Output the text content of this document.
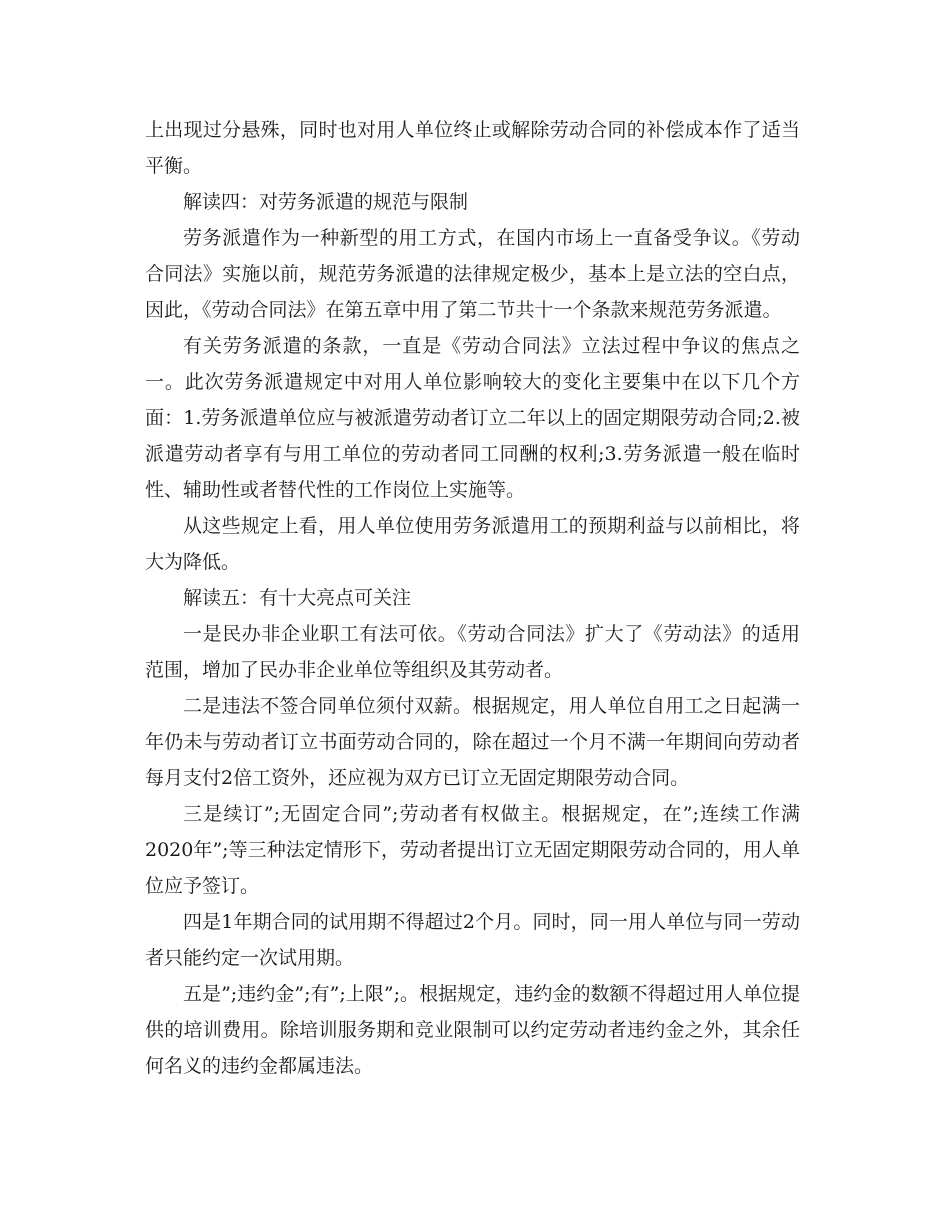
上出现过分悬殊，同时也对用人单位终止或解除劳动合同的补偿成本作了适当平衡。

解读四：对劳务派遣的规范与限制

劳务派遣作为一种新型的用工方式，在国内市场上一直备受争议。《劳动合同法》实施以前，规范劳务派遣的法律规定极少，基本上是立法的空白点，因此，《劳动合同法》在第五章中用了第二节共十一个条款来规范劳务派遣。

有关劳务派遣的条款，一直是《劳动合同法》立法过程中争议的焦点之一。此次劳务派遣规定中对用人单位影响较大的变化主要集中在以下几个方面：1.劳务派遣单位应与被派遣劳动者订立二年以上的固定期限劳动合同;2.被派遣劳动者享有与用工单位的劳动者同工同酬的权利;3.劳务派遣一般在临时性、辅助性或者替代性的工作岗位上实施等。

从这些规定上看，用人单位使用劳务派遣用工的预期利益与以前相比，将大为降低。

解读五：有十大亮点可关注

一是民办非企业职工有法可依。《劳动合同法》扩大了《劳动法》的适用范围，增加了民办非企业单位等组织及其劳动者。

二是违法不签合同单位须付双薪。根据规定，用人单位自用工之日起满一年仍未与劳动者订立书面劳动合同的，除在超过一个月不满一年期间向劳动者每月支付2倍工资外，还应视为双方已订立无固定期限劳动合同。

三是续订”;无固定合同”;劳动者有权做主。根据规定，在”;连续工作满2020年”;等三种法定情形下，劳动者提出订立无固定期限劳动合同的，用人单位应予签订。

四是1年期合同的试用期不得超过2个月。同时，同一用人单位与同一劳动者只能约定一次试用期。

五是”;违约金”;有”;上限”;。根据规定，违约金的数额不得超过用人单位提供的培训费用。除培训服务期和竞业限制可以约定劳动者违约金之外，其余任何名义的违约金都属违法。
